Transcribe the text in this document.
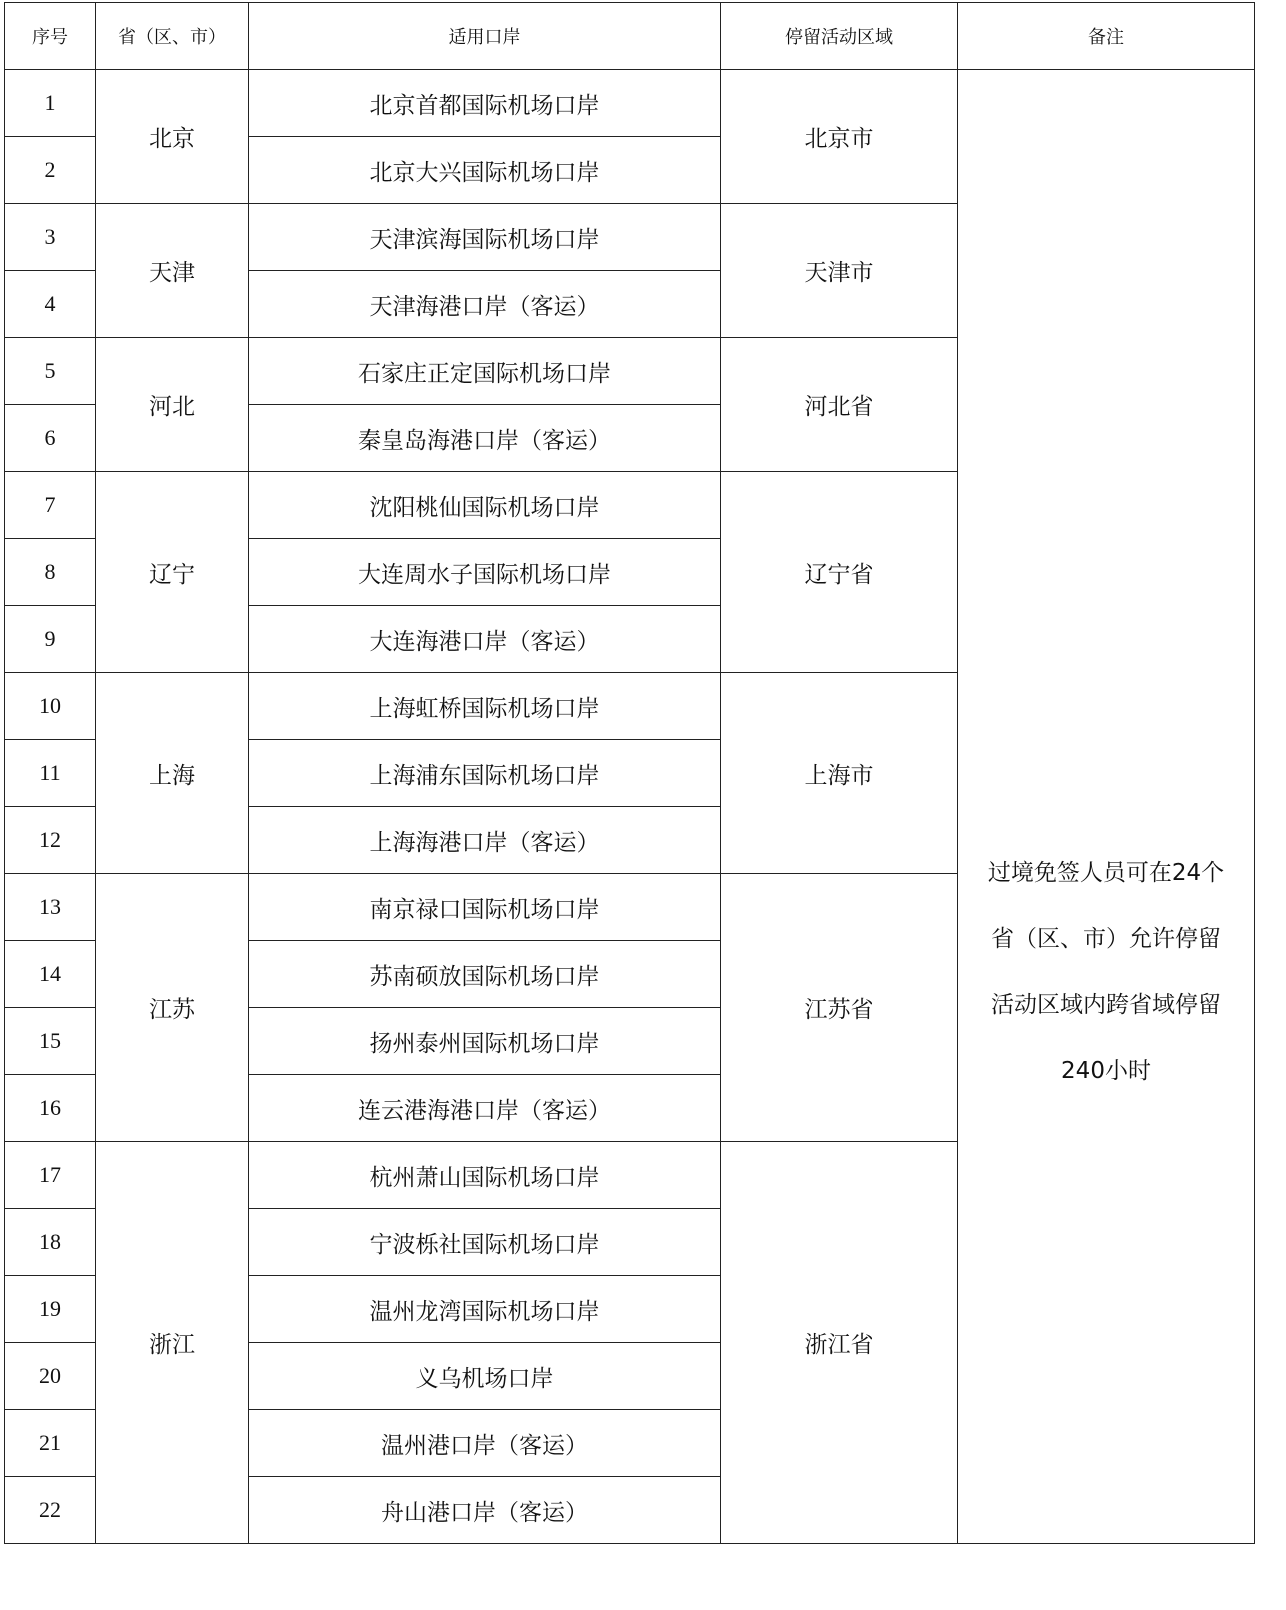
序号	省（区、市）	适用口岸	停留活动区域	备注
1	北京	北京首都国际机场口岸	北京市	过境免签人员可在24个
省（区、市）允许停留
活动区域内跨省域停留
240小时

2		北京大兴国际机场口岸		
3	天津	天津滨海国际机场口岸	天津市	
4		天津海港口岸（客运）		
5	河北	石家庄正定国际机场口岸	河北省	
6		秦皇岛海港口岸（客运）		
7	辽宁	沈阳桃仙国际机场口岸	辽宁省	
8		大连周水子国际机场口岸		
9		大连海港口岸（客运）		
10	上海	上海虹桥国际机场口岸	上海市	
11		上海浦东国际机场口岸		
12		上海海港口岸（客运）		
13	江苏	南京禄口国际机场口岸	江苏省	
14		苏南硕放国际机场口岸		
15		扬州泰州国际机场口岸		
16		连云港海港口岸（客运）		
17	浙江	杭州萧山国际机场口岸	浙江省	
18		宁波栎社国际机场口岸		
19		温州龙湾国际机场口岸		
20		义乌机场口岸		
21		温州港口岸（客运）		
22		舟山港口岸（客运）		
